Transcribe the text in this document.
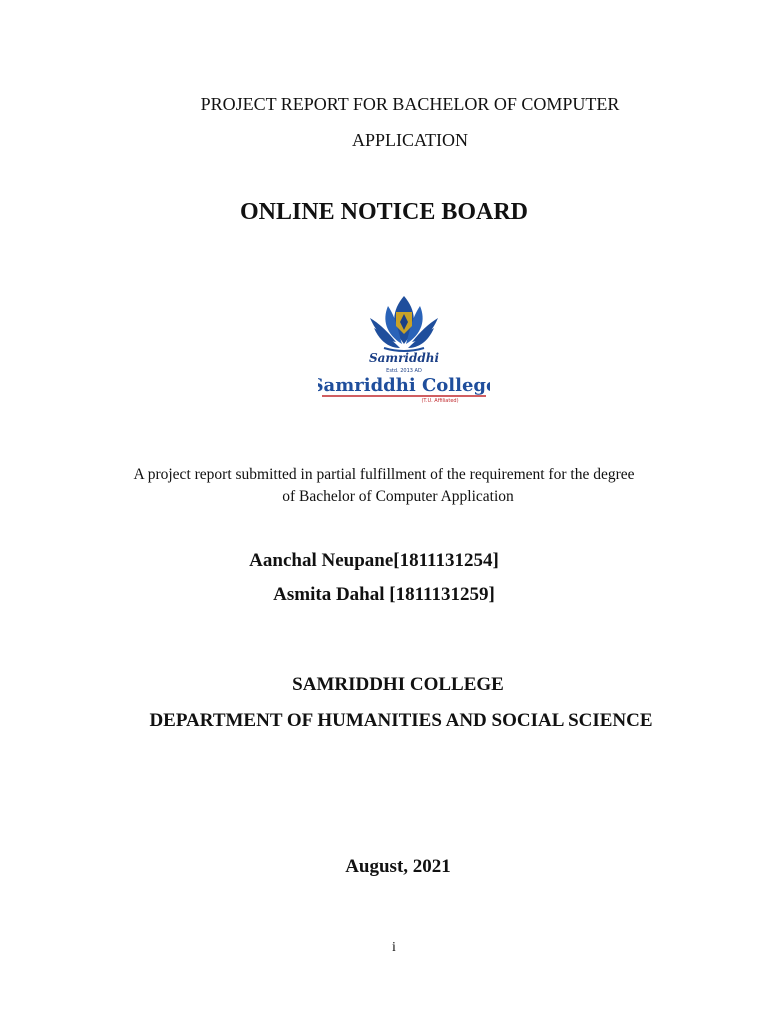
PROJECT REPORT FOR BACHELOR OF COMPUTER
APPLICATION
ONLINE NOTICE BOARD
Samriddhi
Estd. 2013 AD
Samriddhi College
(T.U. Affiliated)
A project report submitted in partial fulfillment of the requirement for the degree
of Bachelor of Computer Application
Aanchal Neupane[1811131254]
Asmita Dahal [1811131259]
SAMRIDDHI COLLEGE
DEPARTMENT OF HUMANITIES AND SOCIAL SCIENCE
August, 2021
i
